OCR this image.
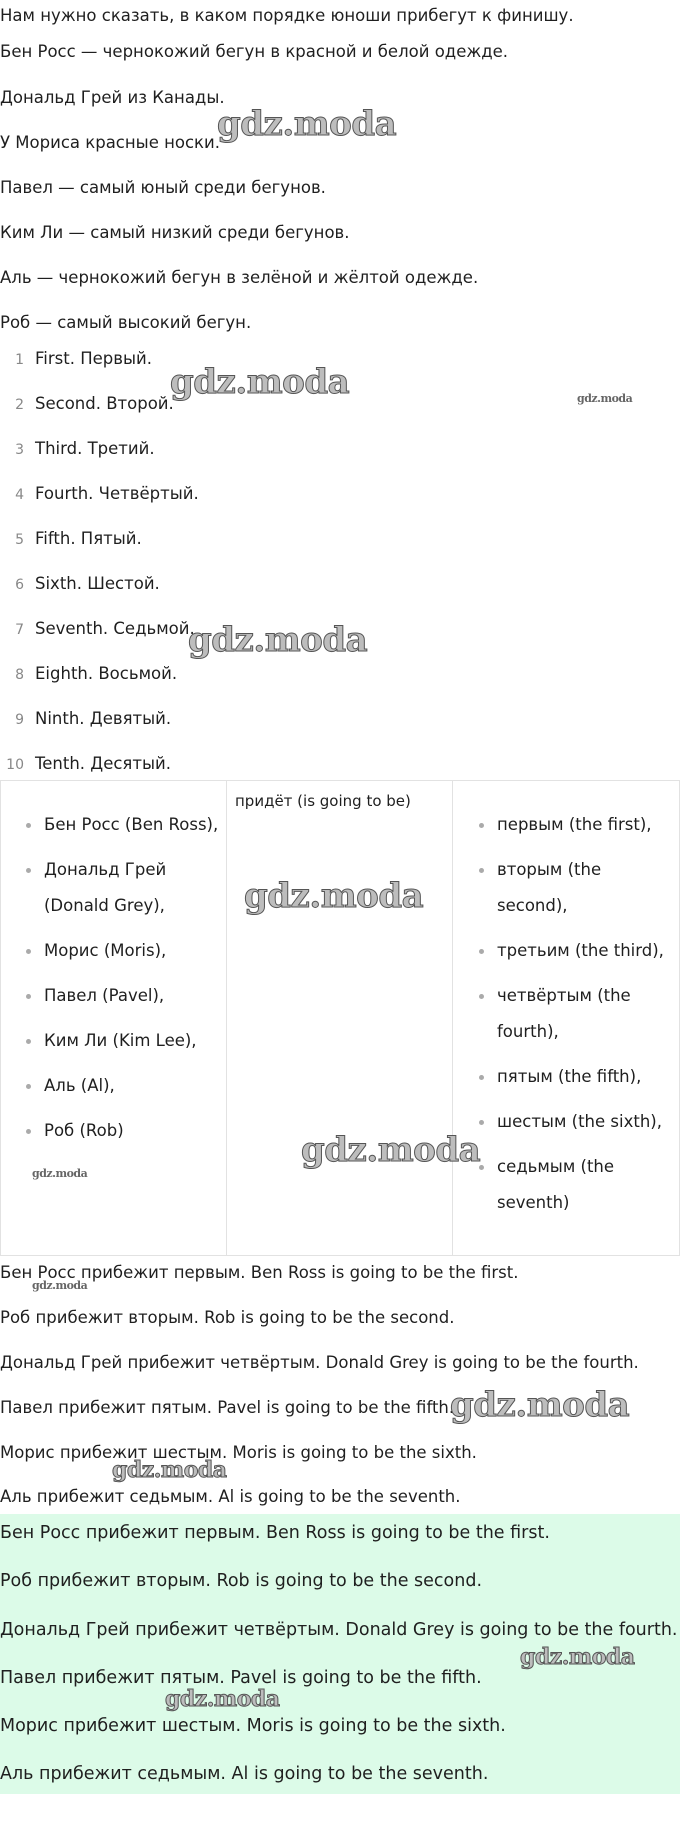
Нам нужно сказать, в каком порядке юноши прибегут к финишу.
Бен Росс — чернокожий бегун в красной и белой одежде.
Дональд Грей из Канады.
У Мориса красные носки.
Павел — самый юный среди бегунов.
Ким Ли — самый низкий среди бегунов.
Аль — чернокожий бегун в зелёной и жёлтой одежде.
Роб — самый высокий бегун.
1 First. Первый.
2 Second. Второй.
3 Third. Третий.
4 Fourth. Четвёртый.
5 Fifth. Пятый.
6 Sixth. Шестой.
7 Seventh. Седьмой.
8 Eighth. Восьмой.
9 Ninth. Девятый.
10 Tenth. Десятый.
Бен Росс (Ben Ross),
Дональд Грей
(Donald Grey),
Морис (Moris),
Павел (Pavel),
Ким Ли (Kim Lee),
Аль (Al),
Роб (Rob)
придёт (is going to be)
первым (the first),
вторым (the
second),
третьим (the third),
четвёртым (the
fourth),
пятым (the fifth),
шестым (the sixth),
седьмым (the
seventh)
Бен Росс прибежит первым. Ben Ross is going to be the first.
Роб прибежит вторым. Rob is going to be the second.
Дональд Грей прибежит четвёртым. Donald Grey is going to be the fourth.
Павел прибежит пятым. Pavel is going to be the fifth.
Морис прибежит шестым. Moris is going to be the sixth.
Аль прибежит седьмым. Al is going to be the seventh.
Бен Росс прибежит первым. Ben Ross is going to be the first.
Роб прибежит вторым. Rob is going to be the second.
Дональд Грей прибежит четвёртым. Donald Grey is going to be the fourth.
Павел прибежит пятым. Pavel is going to be the fifth.
Морис прибежит шестым. Moris is going to be the sixth.
Аль прибежит седьмым. Al is going to be the seventh.
gdz.moda
gdz.moda	gdz.moda
gdz.moda
gdz.moda
gdz.moda
gdz.moda
gdz.moda
gdz.moda
gdz.moda
gdz.moda
gdz.moda
